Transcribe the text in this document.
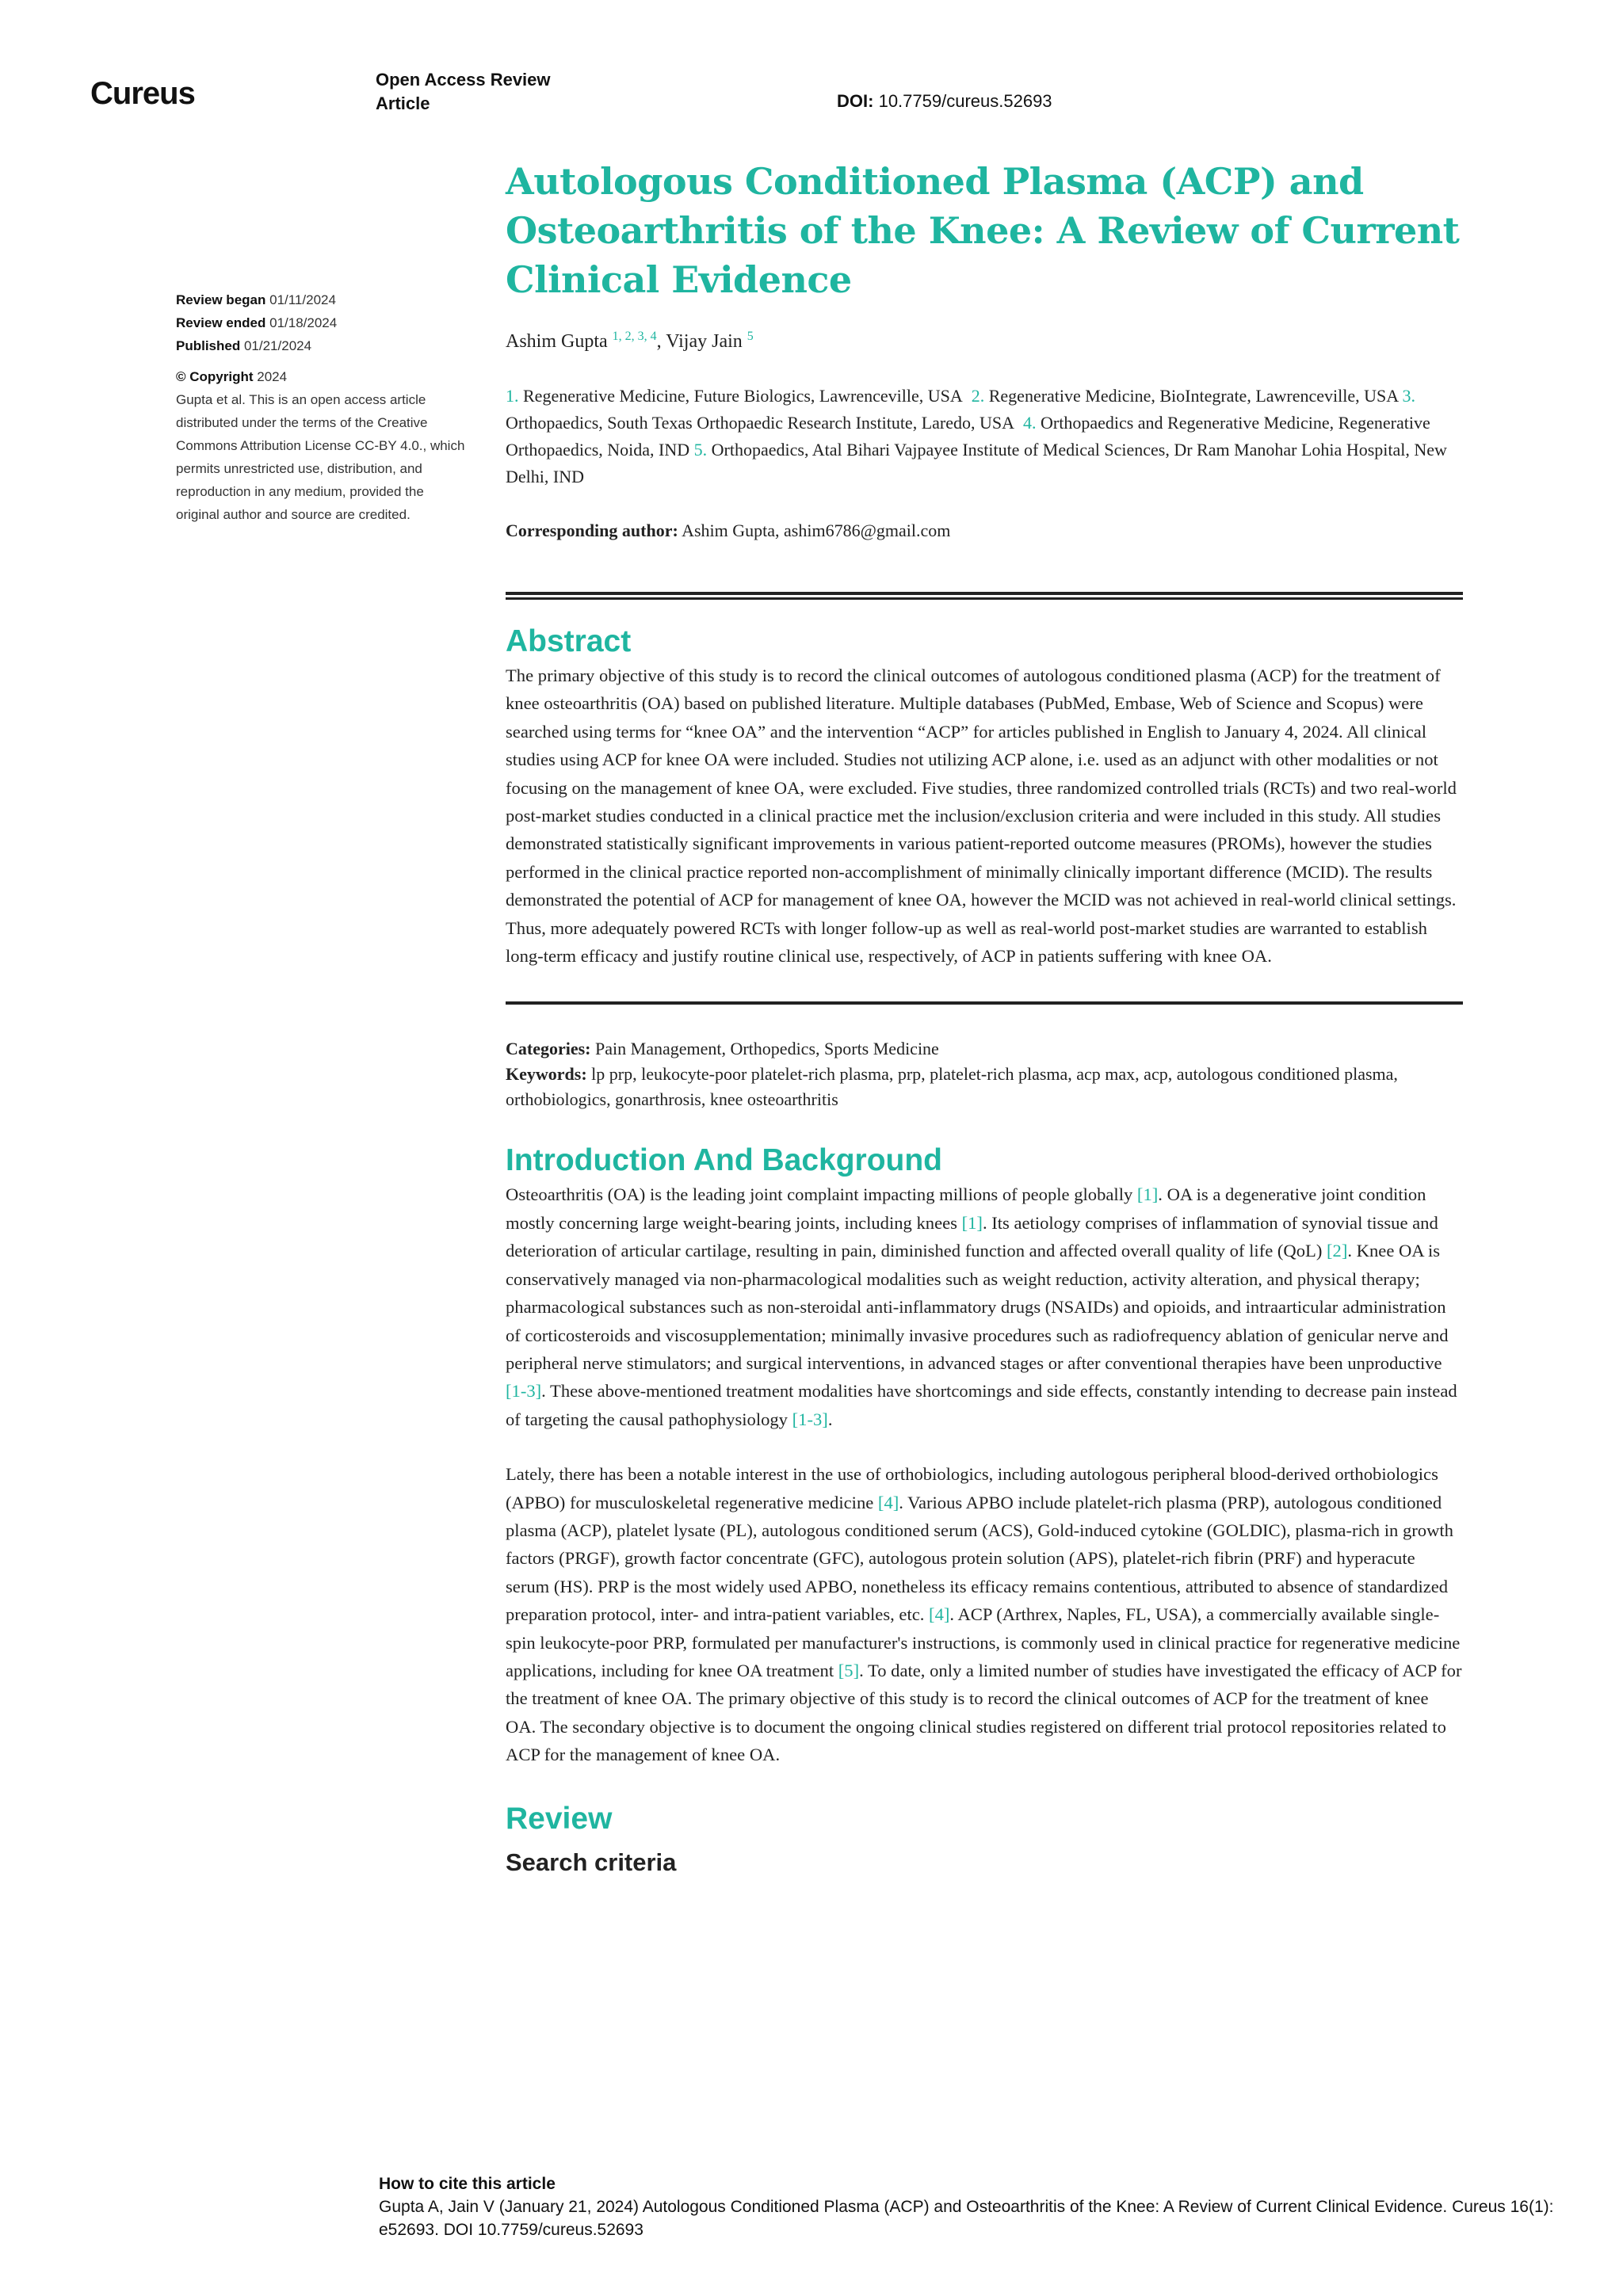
Cureus	Open Access Review
Article	DOI: 10.7759/cureus.52693
Review began 01/11/2024
Review ended 01/18/2024
Published 01/21/2024
© Copyright 2024
Gupta et al. This is an open access article distributed under the terms of the Creative Commons Attribution License CC-BY 4.0., which permits unrestricted use, distribution, and reproduction in any medium, provided the original author and source are credited.
Autologous Conditioned Plasma (ACP) and Osteoarthritis of the Knee: A Review of Current Clinical Evidence
Ashim Gupta $^{1, 2, 3, 4}$, Vijay Jain $^5$
1. Regenerative Medicine, Future Biologics, Lawrenceville, USA 2. Regenerative Medicine, BioIntegrate, Lawrenceville, USA 3. Orthopaedics, South Texas Orthopaedic Research Institute, Laredo, USA 4. Orthopaedics and Regenerative Medicine, Regenerative Orthopaedics, Noida, IND 5. Orthopaedics, Atal Bihari Vajpayee Institute of Medical Sciences, Dr Ram Manohar Lohia Hospital, New Delhi, IND
Corresponding author: Ashim Gupta, ashim6786@gmail.com
Abstract

The primary objective of this study is to record the clinical outcomes of autologous conditioned plasma (ACP) for the treatment of knee osteoarthritis (OA) based on published literature. Multiple databases (PubMed, Embase, Web of Science and Scopus) were searched using terms for “knee OA” and the intervention “ACP” for articles published in English to January 4, 2024. All clinical studies using ACP for knee OA were included. Studies not utilizing ACP alone, i.e. used as an adjunct with other modalities or not focusing on the management of knee OA, were excluded. Five studies, three randomized controlled trials (RCTs) and two real-world post-market studies conducted in a clinical practice met the inclusion/exclusion criteria and were included in this study. All studies demonstrated statistically significant improvements in various patient-reported outcome measures (PROMs), however the studies performed in the clinical practice reported non-accomplishment of minimally clinically important difference (MCID). The results demonstrated the potential of ACP for management of knee OA, however the MCID was not achieved in real-world clinical settings. Thus, more adequately powered RCTs with longer follow-up as well as real-world post-market studies are warranted to establish long-term efficacy and justify routine clinical use, respectively, of ACP in patients suffering with knee OA.

Categories: Pain Management, Orthopedics, Sports Medicine
Keywords: lp prp, leukocyte-poor platelet-rich plasma, prp, platelet-rich plasma, acp max, acp, autologous conditioned plasma, orthobiologics, gonarthrosis, knee osteoarthritis
Introduction And Background

Osteoarthritis (OA) is the leading joint complaint impacting millions of people globally [1]. OA is a degenerative joint condition mostly concerning large weight-bearing joints, including knees [1]. Its aetiology comprises of inflammation of synovial tissue and deterioration of articular cartilage, resulting in pain, diminished function and affected overall quality of life (QoL) [2]. Knee OA is conservatively managed via non-pharmacological modalities such as weight reduction, activity alteration, and physical therapy; pharmacological substances such as non-steroidal anti-inflammatory drugs (NSAIDs) and opioids, and intraarticular administration of corticosteroids and viscosupplementation; minimally invasive procedures such as radiofrequency ablation of genicular nerve and peripheral nerve stimulators; and surgical interventions, in advanced stages or after conventional therapies have been unproductive [1-3]. These above-mentioned treatment modalities have shortcomings and side effects, constantly intending to decrease pain instead of targeting the causal pathophysiology [1-3].

Lately, there has been a notable interest in the use of orthobiologics, including autologous peripheral blood-derived orthobiologics (APBO) for musculoskeletal regenerative medicine [4]. Various APBO include platelet-rich plasma (PRP), autologous conditioned plasma (ACP), platelet lysate (PL), autologous conditioned serum (ACS), Gold-induced cytokine (GOLDIC), plasma-rich in growth factors (PRGF), growth factor concentrate (GFC), autologous protein solution (APS), platelet-rich fibrin (PRF) and hyperacute serum (HS). PRP is the most widely used APBO, nonetheless its efficacy remains contentious, attributed to absence of standardized preparation protocol, inter- and intra-patient variables, etc. [4]. ACP (Arthrex, Naples, FL, USA), a commercially available single-spin leukocyte-poor PRP, formulated per manufacturer's instructions, is commonly used in clinical practice for regenerative medicine applications, including for knee OA treatment [5]. To date, only a limited number of studies have investigated the efficacy of ACP for the treatment of knee OA. The primary objective of this study is to record the clinical outcomes of ACP for the treatment of knee OA. The secondary objective is to document the ongoing clinical studies registered on different trial protocol repositories related to ACP for the management of knee OA.

Review
Search criteria
How to cite this article
Gupta A, Jain V (January 21, 2024) Autologous Conditioned Plasma (ACP) and Osteoarthritis of the Knee: A Review of Current Clinical Evidence. Cureus 16(1): e52693. DOI 10.7759/cureus.52693
